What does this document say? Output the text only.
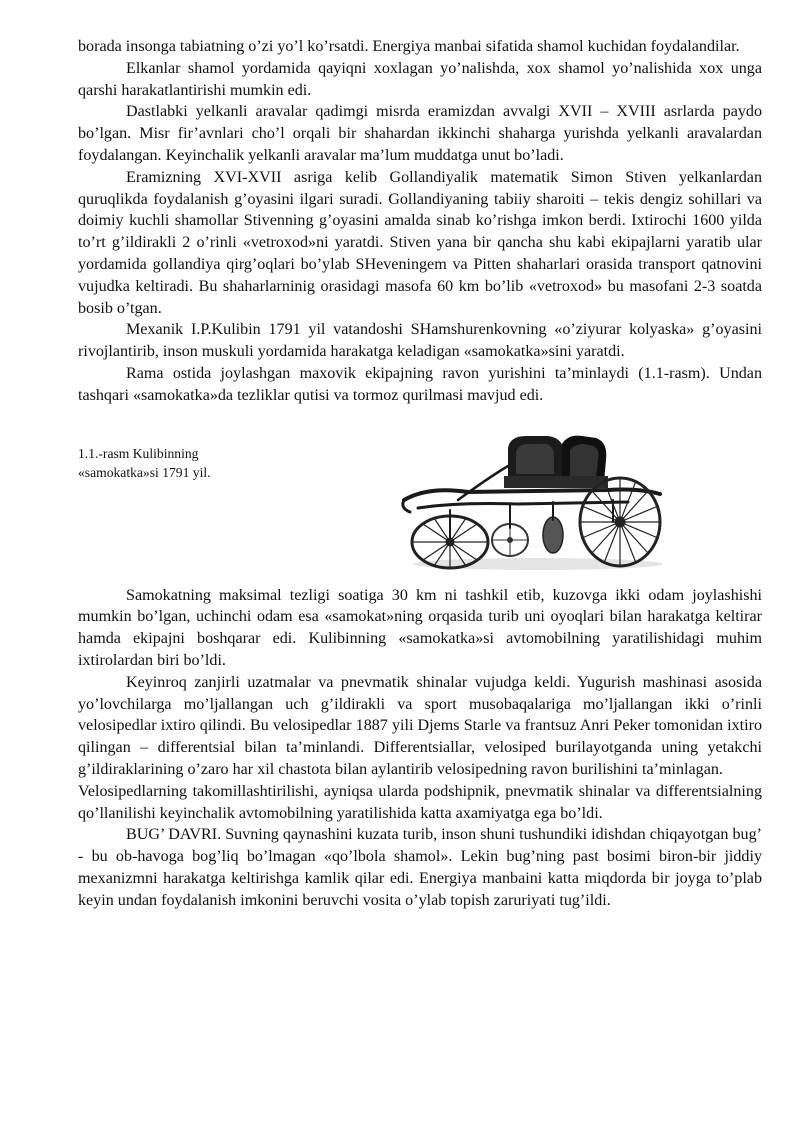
borada insonga tabiatning o’zi yo’l ko’rsatdi. Energiya manbai sifatida shamol kuchidan foydalandilar.

Elkanlar shamol yordamida qayiqni xoxlagan yo’nalishda, xox shamol yo’nalishida xox unga qarshi harakatlantirishi mumkin edi.

Dastlabki yelkanli aravalar qadimgi misrda eramizdan avvalgi XVII – XVIII asrlarda paydo bo’lgan. Misr fir’avnlari cho’l orqali bir shahardan ikkinchi shaharga yurishda yelkanli aravalardan foydalangan. Keyinchalik yelkanli aravalar ma’lum muddatga unut bo’ladi.

Eramizning XVI-XVII asriga kelib Gollandiyalik matematik Simon Stiven yelkanlardan quruqlikda foydalanish g’oyasini ilgari suradi. Gollandiyaning tabiiy sharoiti – tekis dengiz sohillari va doimiy kuchli shamollar Stivenning g’oyasini amalda sinab ko’rishga imkon berdi. Ixtirochi 1600 yilda to’rt g’ildirakli 2 o’rinli «vetroxod»ni yaratdi. Stiven yana bir qancha shu kabi ekipajlarni yaratib ular yordamida gollandiya qirg’oqlari bo’ylab SHeveningem va Pitten shaharlari orasida transport qatnovini vujudka keltiradi. Bu shaharlarninig orasidagi masofa 60 km bo’lib «vetroxod» bu masofani 2-3 soatda bosib o’tgan.

Mexanik I.P.Kulibin 1791 yil vatandoshi SHamshurenkovning «o’ziyurar kolyaska» g’oyasini rivojlantirib, inson muskuli yordamida harakatga keladigan «samokatka»sini yaratdi.

Rama ostida joylashgan maxovik ekipajning ravon yurishini ta’minlaydi (1.1-rasm). Undan tashqari «samokatka»da tezliklar qutisi va tormoz qurilmasi mavjud edi.

1.1.-rasm Kulibinning
«samokatka»si 1791 yil.

Samokatning maksimal tezligi soatiga 30 km ni tashkil etib, kuzovga ikki odam joylashishi mumkin bo’lgan, uchinchi odam esa «samokat»ning orqasida turib uni oyoqlari bilan harakatga keltirar hamda ekipajni boshqarar edi. Kulibinning «samokatka»si avtomobilning yaratilishidagi muhim ixtirolardan biri bo’ldi.

Keyinroq zanjirli uzatmalar va pnevmatik shinalar vujudga keldi. Yugurish mashinasi asosida yo’lovchilarga mo’ljallangan uch g’ildirakli va sport musobaqalariga mo’ljallangan ikki o’rinli velosipedlar ixtiro qilindi. Bu velosipedlar 1887 yili Djems Starle va frantsuz Anri Peker tomonidan ixtiro qilingan – differentsial bilan ta’minlandi. Differentsiallar, velosiped burilayotganda uning yetakchi g’ildiraklarining o’zaro har xil chastota bilan aylantirib velosipedning ravon burilishini ta’minlagan.

Velosipedlarning takomillashtirilishi, ayniqsa ularda podshipnik, pnevmatik shinalar va differentsialning qo’llanilishi keyinchalik avtomobilning yaratilishida katta axamiyatga ega bo’ldi.

BUG’ DAVRI. Suvning qaynashini kuzata turib, inson shuni tushundiki idishdan chiqayotgan bug’ - bu ob-havoga bog’liq bo’lmagan «qo’lbola shamol». Lekin bug’ning past bosimi biron-bir jiddiy mexanizmni harakatga keltirishga kamlik qilar edi. Energiya manbaini katta miqdorda bir joyga to’plab keyin undan foydalanish imkonini beruvchi vosita o’ylab topish zaruriyati tug’ildi.
